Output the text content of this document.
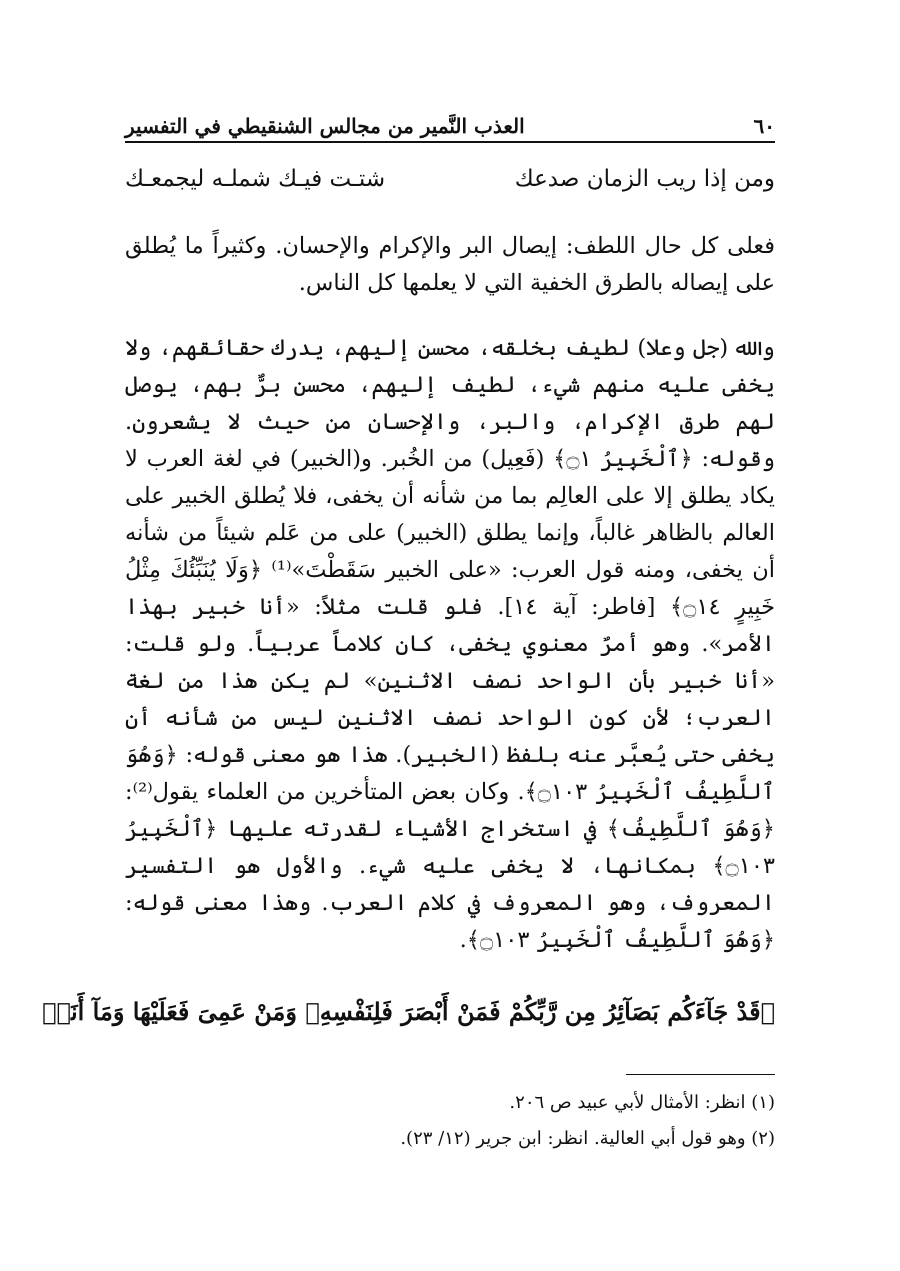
٦٠
العذب النَّمير من مجالس الشنقيطي في التفسير
ومن إذا ريب الزمان صدعك
شتـت فيـك شملـه ليجمعـك
فعلى كل حال اللطف: إيصال البر والإكرام والإحسان. وكثيراً ما يُطلق على إيصاله بالطرق الخفية التي لا يعلمها كل الناس.
والله (جل وعلا) لطيف بخلقه، محسن إليهم، يدرك حقائقهم، ولا يخفى عليه منهم شيء، لطيف إليهم، محسن برٌّ بهم، يوصل لهم طرق الإكرام، والبر، والإحسان من حيث لا يشعرون. وقوله: ﴿ٱلْخَبِيرُ ۝١﴾ (فَعِيل) من الخُبر. و(الخبير) في لغة العرب لا يكاد يطلق إلا على العالِم بما من شأنه أن يخفى، فلا يُطلق الخبير على العالم بالظاهر غالباً، وإنما يطلق (الخبير) على من عَلم شيئاً من شأنه أن يخفى، ومنه قول العرب: «على الخبير سَقَطْتَ»⁽¹⁾ ﴿وَلَا يُنَبِّئُكَ مِثْلُ خَبِيرٍ ۝١٤﴾ [فاطر: آية ١٤]. فلو قلت مثلاً: «أنا خبير بهذا الأمر». وهو أمرٌ معنوي يخفى، كان كلاماً عربياً. ولو قلت: «أنا خبير بأن الواحد نصف الاثنين» لم يكن هذا من لغة العرب؛ لأن كون الواحد نصف الاثنين ليس من شأنه أن يخفى حتى يُعبَّر عنه بلفظ (الخبير). هذا هو معنى قوله: ﴿وَهُوَ ٱللَّطِيفُ ٱلْخَبِيرُ ۝١٠٣﴾. وكان بعض المتأخرين من العلماء يقول⁽²⁾: ﴿وَهُوَ ٱللَّطِيفُ﴾ في استخراج الأشياء لقدرته عليها ﴿ٱلْخَبِيرُ ۝١٠٣﴾ بمكانها، لا يخفى عليه شيء. والأول هو التفسير المعروف، وهو المعروف في كلام العرب. وهذا معنى قوله: ﴿وَهُوَ ٱللَّطِيفُ ٱلْخَبِيرُ ۝١٠٣﴾.
﴿قَدْ جَآءَكُم بَصَآئِرُ مِن رَّبِّكُمْ فَمَنْ أَبْصَرَ فَلِنَفْسِهِۦ وَمَنْ عَمِىَ فَعَلَيْهَا وَمَآ أَنَا۠
(١) انظر: الأمثال لأبي عبيد ص ٢٠٦.
(٢) وهو قول أبي العالية. انظر: ابن جرير (١٢/ ٢٣).
